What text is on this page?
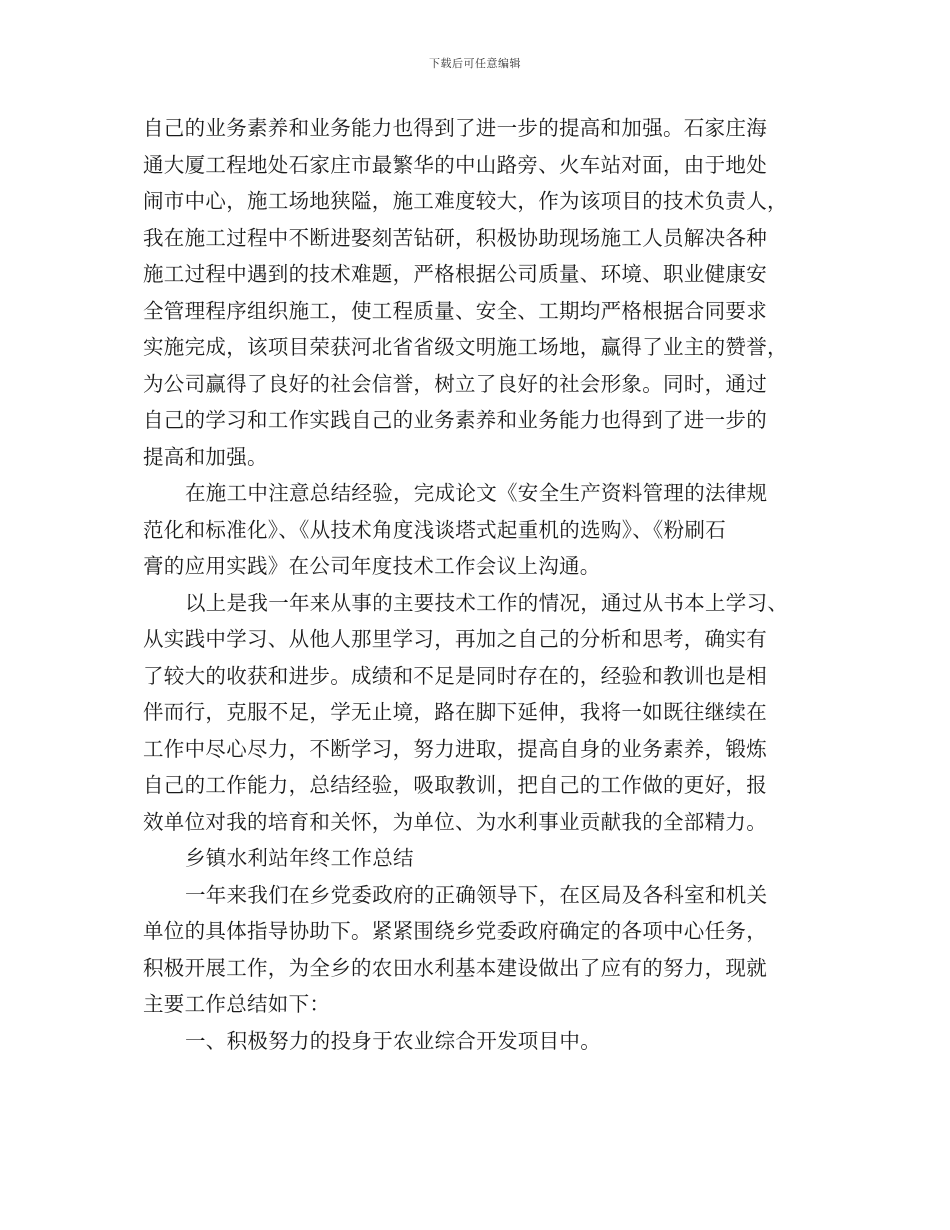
下载后可任意编辑

自己的业务素养和业务能力也得到了进一步的提高和加强。石家庄海
通大厦工程地处石家庄市最繁华的中山路旁、火车站对面，由于地处
闹市中心，施工场地狭隘，施工难度较大，作为该项目的技术负责人，
我在施工过程中不断进娶刻苦钻研，积极协助现场施工人员解决各种
施工过程中遇到的技术难题，严格根据公司质量、环境、职业健康安
全管理程序组织施工，使工程质量、安全、工期均严格根据合同要求
实施完成，该项目荣获河北省省级文明施工场地，赢得了业主的赞誉，
为公司赢得了良好的社会信誉，树立了良好的社会形象。同时，通过
自己的学习和工作实践自己的业务素养和业务能力也得到了进一步的
提高和加强。

在施工中注意总结经验，完成论文《安全生产资料管理的法律规
范化和标准化》、《从技术角度浅谈塔式起重机的选购》、《粉刷石
膏的应用实践》在公司年度技术工作会议上沟通。

以上是我一年来从事的主要技术工作的情况，通过从书本上学习、
从实践中学习、从他人那里学习，再加之自己的分析和思考，确实有
了较大的收获和进步。成绩和不足是同时存在的，经验和教训也是相
伴而行，克服不足，学无止境，路在脚下延伸，我将一如既往继续在
工作中尽心尽力，不断学习，努力进取，提高自身的业务素养，锻炼
自己的工作能力，总结经验，吸取教训，把自己的工作做的更好，报
效单位对我的培育和关怀，为单位、为水利事业贡献我的全部精力。

乡镇水利站年终工作总结

一年来我们在乡党委政府的正确领导下，在区局及各科室和机关
单位的具体指导协助下。紧紧围绕乡党委政府确定的各项中心任务，
积极开展工作，为全乡的农田水利基本建设做出了应有的努力，现就
主要工作总结如下：

一、积极努力的投身于农业综合开发项目中。
